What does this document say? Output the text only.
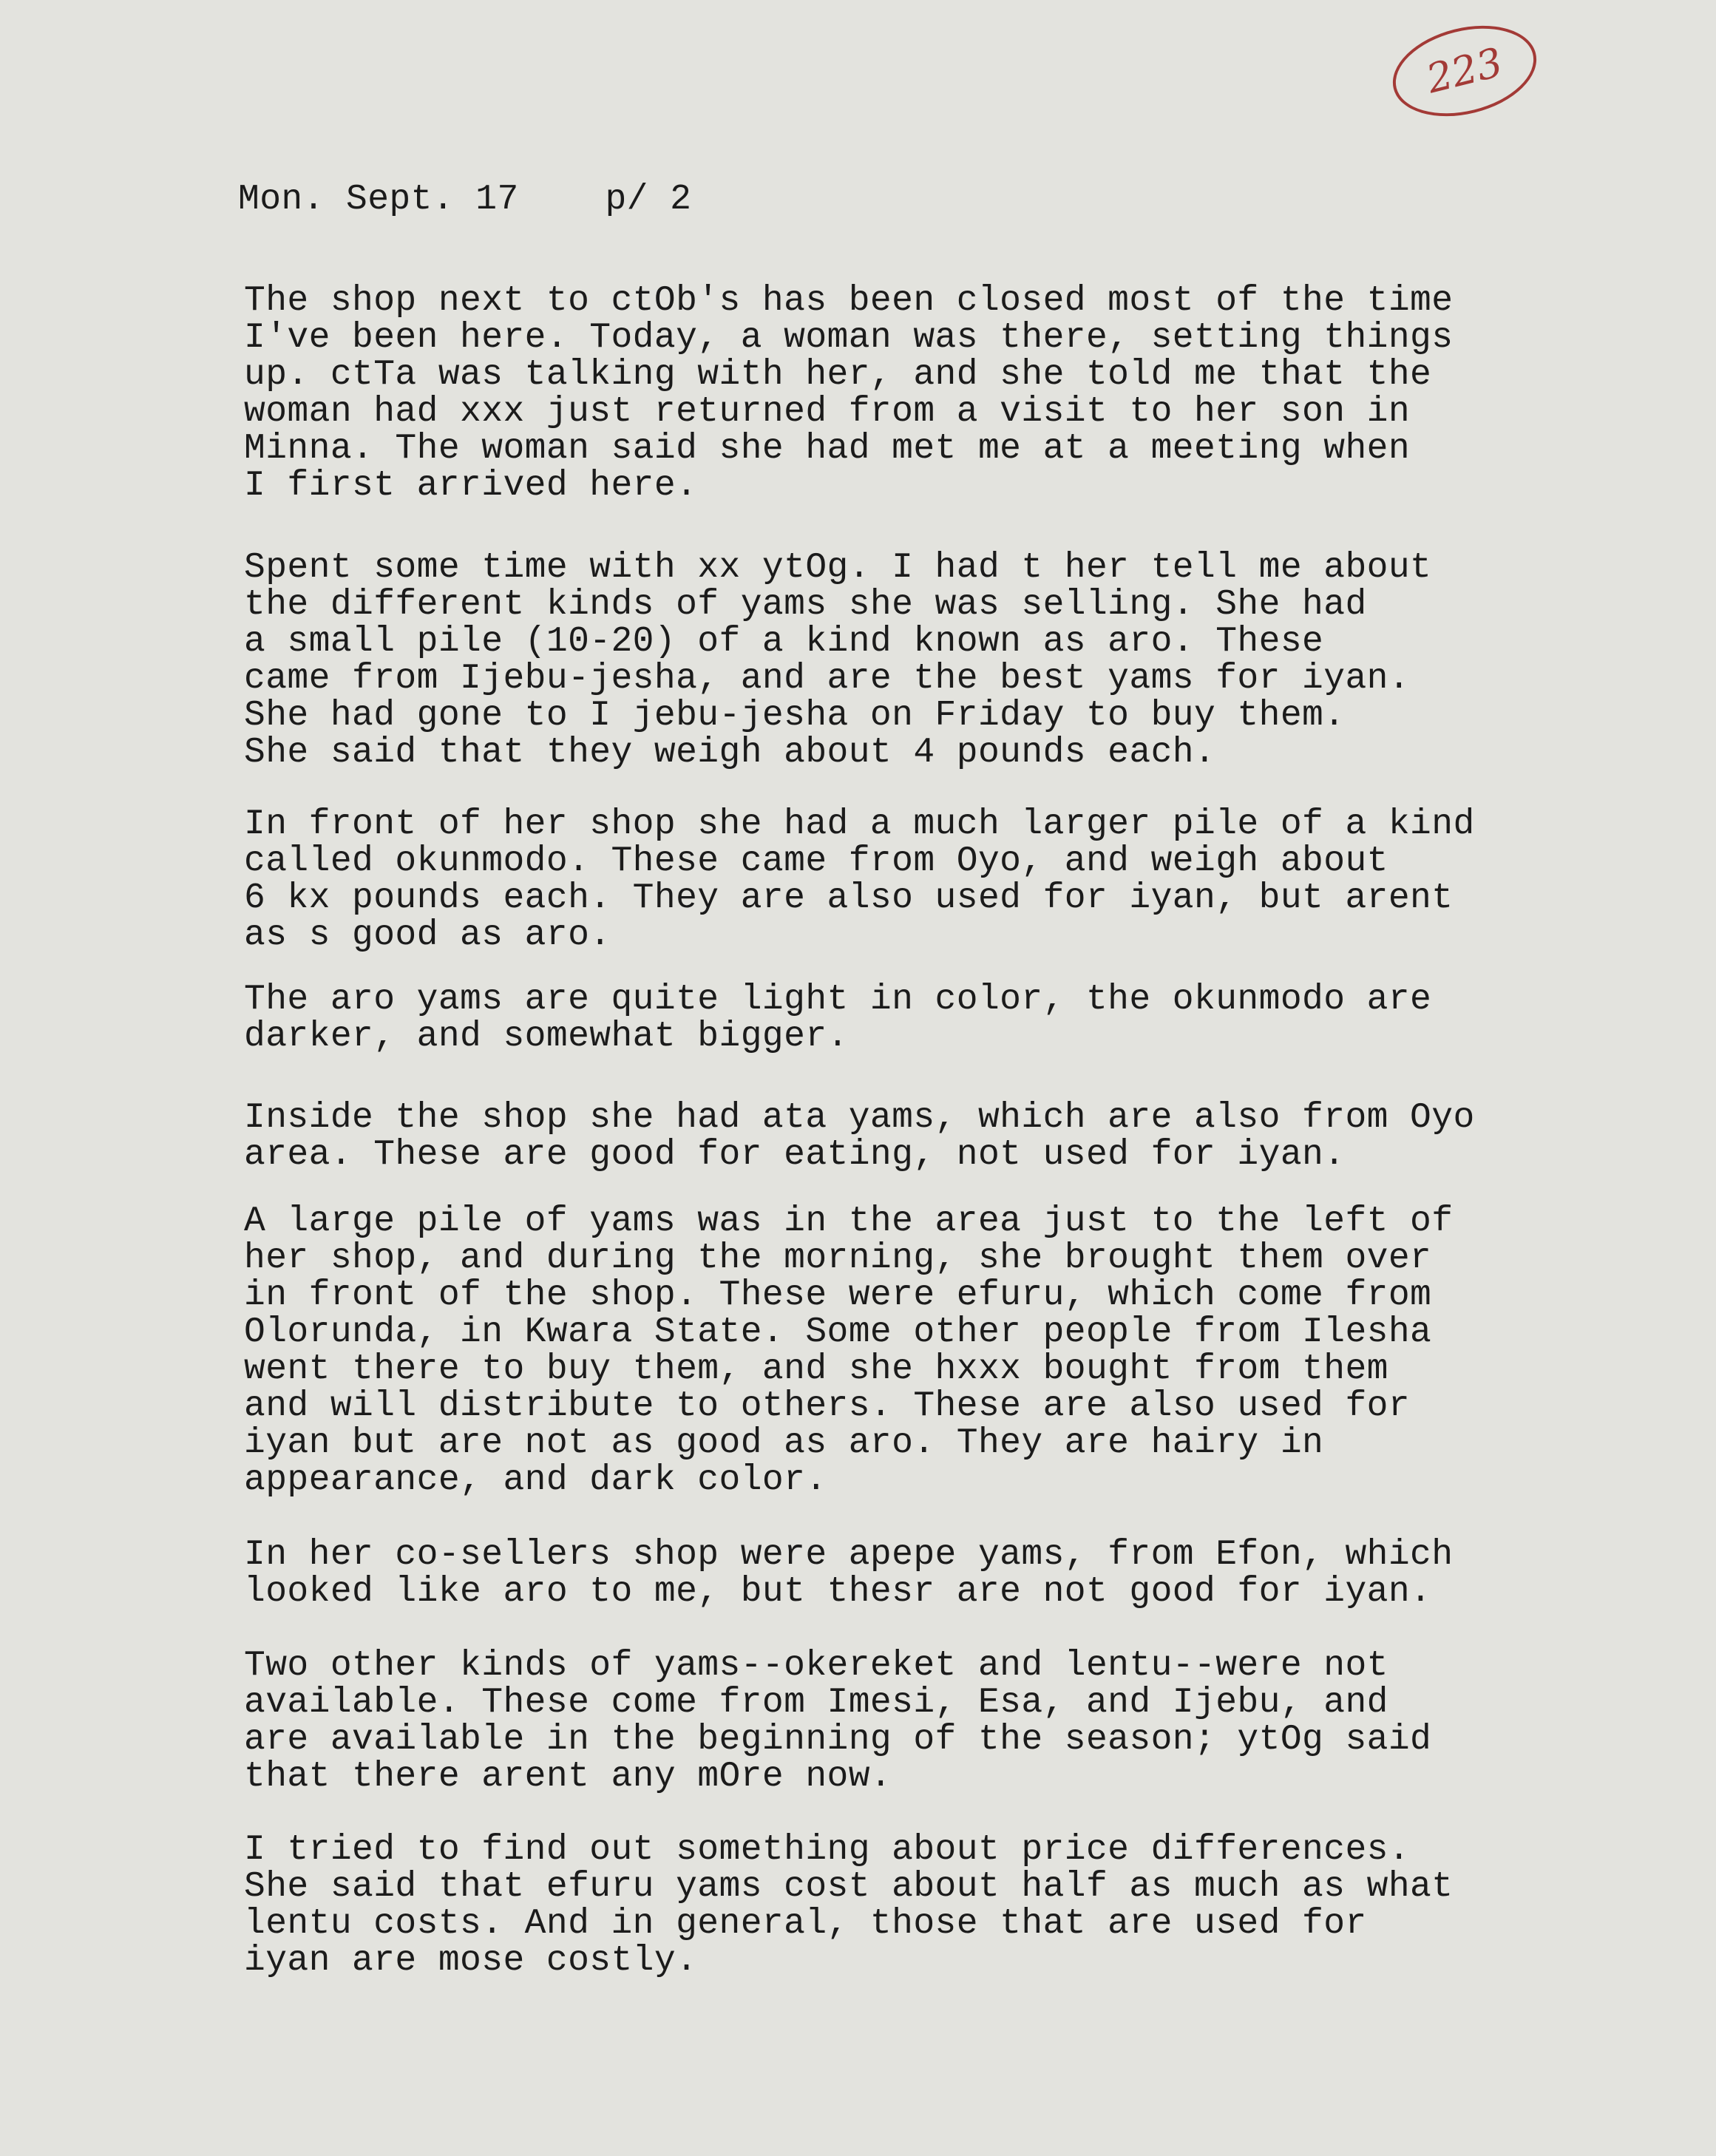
223

Mon. Sept. 17    p/ 2

The shop next to ctOb's has been closed most of the time
I've been here. Today, a woman was there, setting things
up. ctTa was talking with her, and she told me that the
woman had xxx just returned from a visit to her son in
Minna. The woman said she had met me at a meeting when
I first arrived here.

Spent some time with xx ytOg. I had t her tell me about
the different kinds of yams she was selling. She had
a small pile (10-20) of a kind known as aro. These
came from Ijebu-jesha, and are the best yams for iyan.
She had gone to I jebu-jesha on Friday to buy them.
She said that they weigh about 4 pounds each.

In front of her shop she had a much larger pile of a kind
called okunmodo. These came from Oyo, and weigh about
6 kx pounds each. They are also used for iyan, but arent
as s good as aro.

The aro yams are quite light in color, the okunmodo are
darker, and somewhat bigger.

Inside the shop she had ata yams, which are also from Oyo
area. These are good for eating, not used for iyan.

A large pile of yams was in the area just to the left of
her shop, and during the morning, she brought them over
in front of the shop. These were efuru, which come from
Olorunda, in Kwara State. Some other people from Ilesha
went there to buy them, and she hxxx bought from them
and will distribute to others. These are also used for
iyan but are not as good as aro. They are hairy in
appearance, and dark color.

In her co-sellers shop were apepe yams, from Efon, which
looked like aro to me, but thesr are not good for iyan.

Two other kinds of yams--okereket and lentu--were not
available. These come from Imesi, Esa, and Ijebu, and
are available in the beginning of the season; ytOg said
that there arent any mOre now.

I tried to find out something about price differences.
She said that efuru yams cost about half as much as what
lentu costs. And in general, those that are used for
iyan are mose costly.
